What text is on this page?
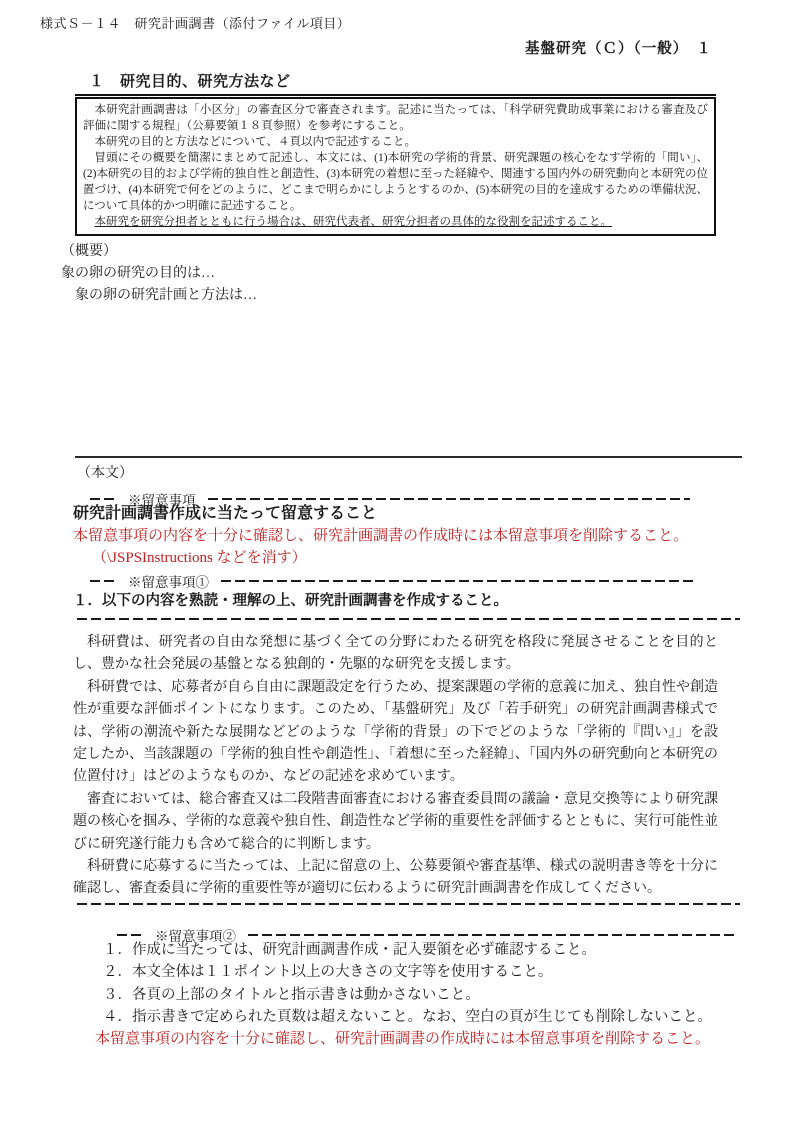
様式Ｓ－１４　研究計画調書（添付ファイル項目）
基盤研究（Ｃ）（一般）　１
１　研究目的、研究方法など

本研究計画調書は「小区分」の審査区分で審査されます。記述に当たっては、「科学研究費助成事業における審査及び評価に関する規程」（公募要領１８頁参照）を参考にすること。

本研究の目的と方法などについて、４頁以内で記述すること。

冒頭にその概要を簡潔にまとめて記述し、本文には、(1)本研究の学術的背景、研究課題の核心をなす学術的「問い」、(2)本研究の目的および学術的独自性と創造性、(3)本研究の着想に至った経緯や、関連する国内外の研究動向と本研究の位置づけ、(4)本研究で何をどのように、どこまで明らかにしようとするのか、(5)本研究の目的を達成するための準備状況、について具体的かつ明確に記述すること。

本研究を研究分担者とともに行う場合は、研究代表者、研究分担者の具体的な役割を記述すること。

（概要）
象の卵の研究の目的は…
　象の卵の研究計画と方法は…
（本文）
※留意事項
研究計画調書作成に当たって留意すること
本留意事項の内容を十分に確認し、研究計画調書の作成時には本留意事項を削除すること。
（\JSPSInstructions などを消す）
※留意事項①
１．以下の内容を熟読・理解の上、研究計画調書を作成すること。

科研費は、研究者の自由な発想に基づく全ての分野にわたる研究を格段に発展させることを目的とし、豊かな社会発展の基盤となる独創的・先駆的な研究を支援します。

科研費では、応募者が自ら自由に課題設定を行うため、提案課題の学術的意義に加え、独自性や創造性が重要な評価ポイントになります。このため、「基盤研究」及び「若手研究」の研究計画調書様式では、学術の潮流や新たな展開などどのような「学術的背景」の下でどのような「学術的『問い』」を設定したか、当該課題の「学術的独自性や創造性」、「着想に至った経緯」、「国内外の研究動向と本研究の位置付け」はどのようなものか、などの記述を求めています。

審査においては、総合審査又は二段階書面審査における審査委員間の議論・意見交換等により研究課題の核心を掴み、学術的な意義や独自性、創造性など学術的重要性を評価するとともに、実行可能性並びに研究遂行能力も含めて総合的に判断します。

科研費に応募するに当たっては、上記に留意の上、公募要領や審査基準、様式の説明書き等を十分に確認し、審査委員に学術的重要性等が適切に伝わるように研究計画調書を作成してください。

※留意事項②
１．作成に当たっては、研究計画調書作成・記入要領を必ず確認すること。
２．本文全体は１１ポイント以上の大きさの文字等を使用すること。
３．各頁の上部のタイトルと指示書きは動かさないこと。
４．指示書きで定められた頁数は超えないこと。なお、空白の頁が生じても削除しないこと。
本留意事項の内容を十分に確認し、研究計画調書の作成時には本留意事項を削除すること。
